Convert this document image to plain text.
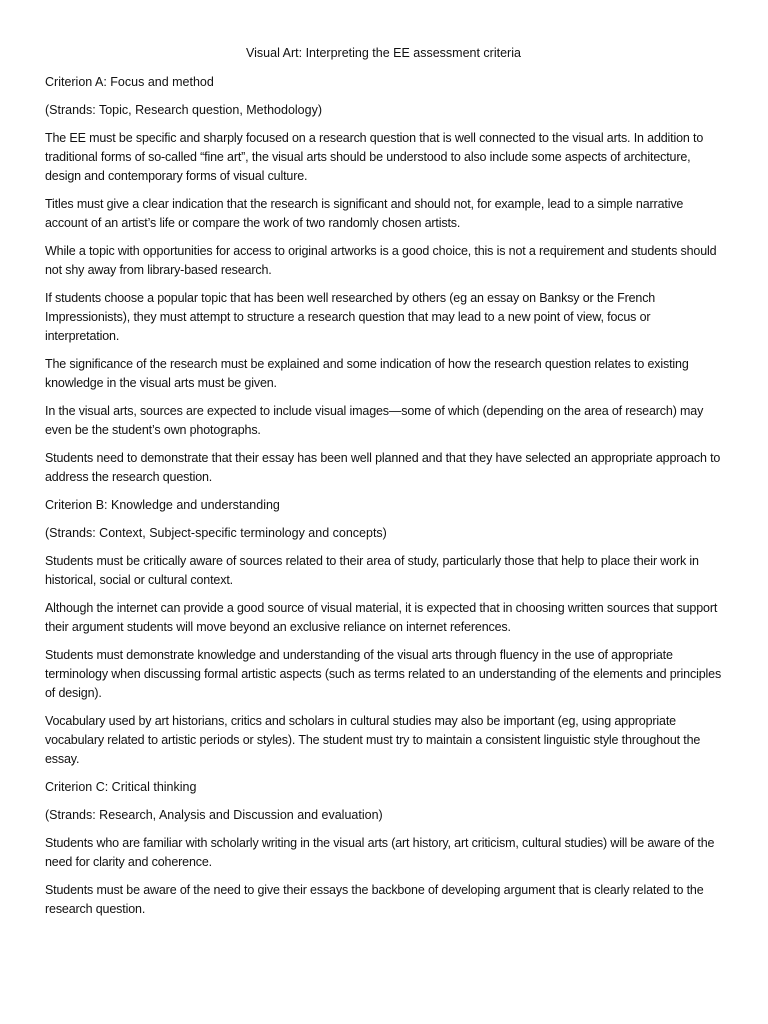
Visual Art: Interpreting the EE assessment criteria
Criterion A: Focus and method
(Strands: Topic, Research question, Methodology)
The EE must be specific and sharply focused on a research question that is well connected to the visual arts. In addition to traditional forms of so-called “fine art”, the visual arts should be understood to also include some aspects of architecture, design and contemporary forms of visual culture.
Titles must give a clear indication that the research is significant and should not, for example, lead to a simple narrative account of an artist’s life or compare the work of two randomly chosen artists.
While a topic with opportunities for access to original artworks is a good choice, this is not a requirement and students should not shy away from library-based research.
If students choose a popular topic that has been well researched by others (eg an essay on Banksy or the French Impressionists), they must attempt to structure a research question that may lead to a new point of view, focus or interpretation.
The significance of the research must be explained and some indication of how the research question relates to existing knowledge in the visual arts must be given.
In the visual arts, sources are expected to include visual images—some of which (depending on the area of research) may even be the student’s own photographs.
Students need to demonstrate that their essay has been well planned and that they have selected an appropriate approach to address the research question.
Criterion B: Knowledge and understanding
(Strands: Context, Subject-specific terminology and concepts)
Students must be critically aware of sources related to their area of study, particularly those that help to place their work in historical, social or cultural context.
Although the internet can provide a good source of visual material, it is expected that in choosing written sources that support their argument students will move beyond an exclusive reliance on internet references.
Students must demonstrate knowledge and understanding of the visual arts through fluency in the use of appropriate terminology when discussing formal artistic aspects (such as terms related to an understanding of the elements and principles of design).
Vocabulary used by art historians, critics and scholars in cultural studies may also be important (eg, using appropriate vocabulary related to artistic periods or styles). The student must try to maintain a consistent linguistic style throughout the essay.
Criterion C: Critical thinking
(Strands: Research, Analysis and Discussion and evaluation)
Students who are familiar with scholarly writing in the visual arts (art history, art criticism, cultural studies) will be aware of the need for clarity and coherence.
Students must be aware of the need to give their essays the backbone of developing argument that is clearly related to the research question.
